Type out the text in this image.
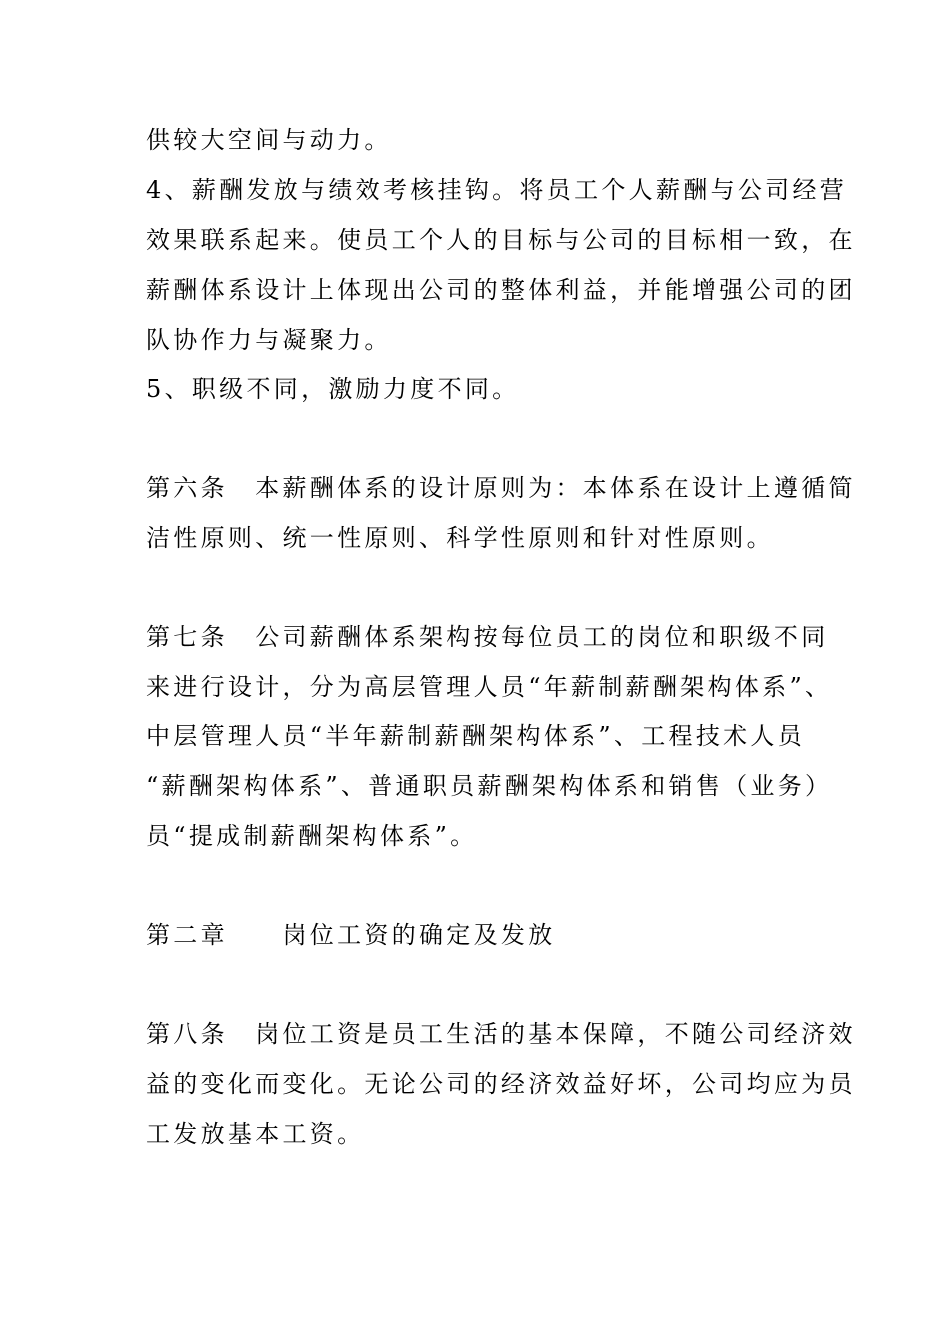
供较大空间与动力。
4、薪酬发放与绩效考核挂钩。将员工个人薪酬与公司经营
效果联系起来。使员工个人的目标与公司的目标相一致，在
薪酬体系设计上体现出公司的整体利益，并能增强公司的团
队协作力与凝聚力。
5、职级不同，激励力度不同。
第六条　本薪酬体系的设计原则为：本体系在设计上遵循简
洁性原则、统一性原则、科学性原则和针对性原则。
第七条　公司薪酬体系架构按每位员工的岗位和职级不同
来进行设计，分为高层管理人员“年薪制薪酬架构体系”、
中层管理人员“半年薪制薪酬架构体系”、工程技术人员
“薪酬架构体系”、普通职员薪酬架构体系和销售（业务）
员“提成制薪酬架构体系”。
第二章　　岗位工资的确定及发放
第八条　岗位工资是员工生活的基本保障，不随公司经济效
益的变化而变化。无论公司的经济效益好坏，公司均应为员
工发放基本工资。
